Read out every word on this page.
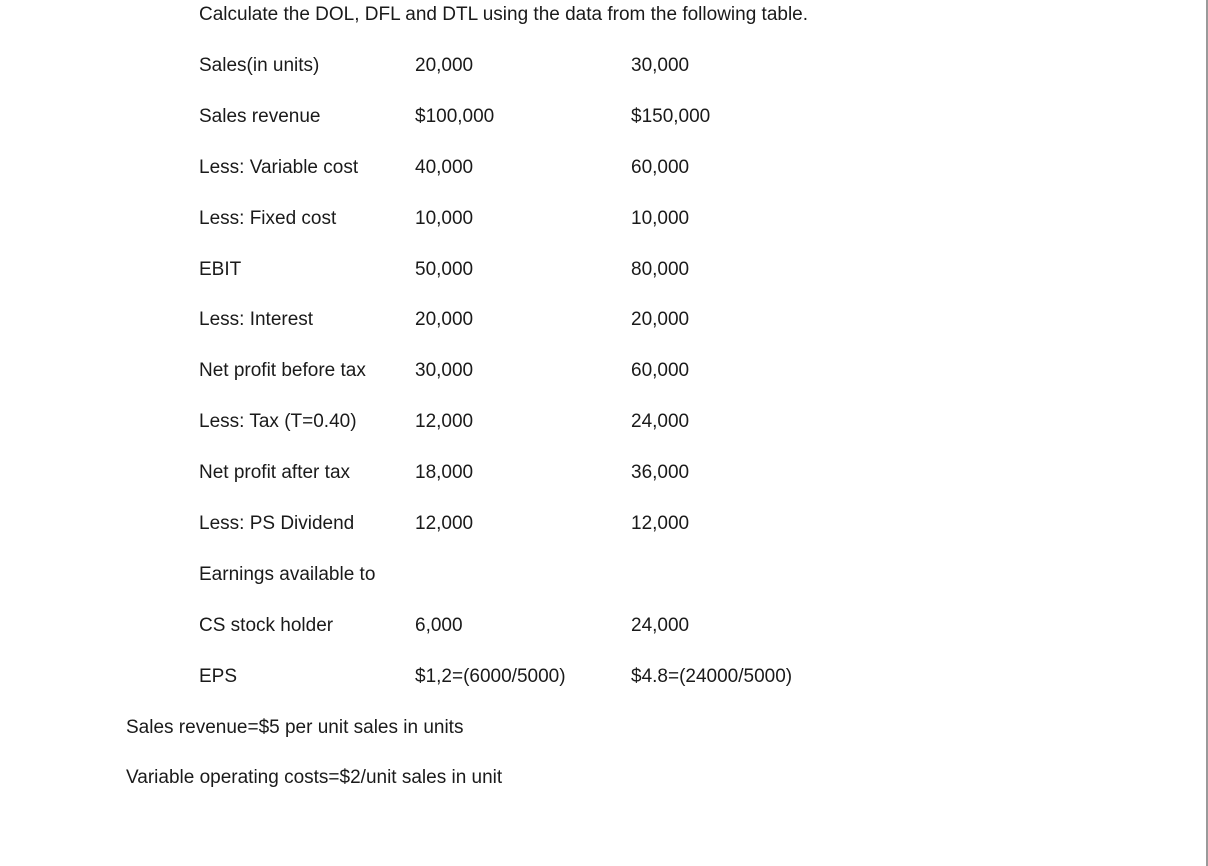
Calculate the DOL, DFL and DTL using the data from the following table.
Sales(in units)	20,000	30,000
Sales revenue	$100,000	$150,000
Less: Variable cost	40,000	60,000
Less: Fixed cost	10,000	10,000
EBIT	50,000	80,000
Less: Interest	20,000	20,000
Net profit before tax	30,000	60,000
Less: Tax (T=0.40)	12,000	24,000
Net profit after tax	18,000	36,000
Less: PS Dividend	12,000	12,000
Earnings available to
CS stock holder	6,000	24,000
EPS	$1,2=(6000/5000)	$4.8=(24000/5000)
Sales revenue=$5 per unit sales in units
Variable operating costs=$2/unit sales in unit
